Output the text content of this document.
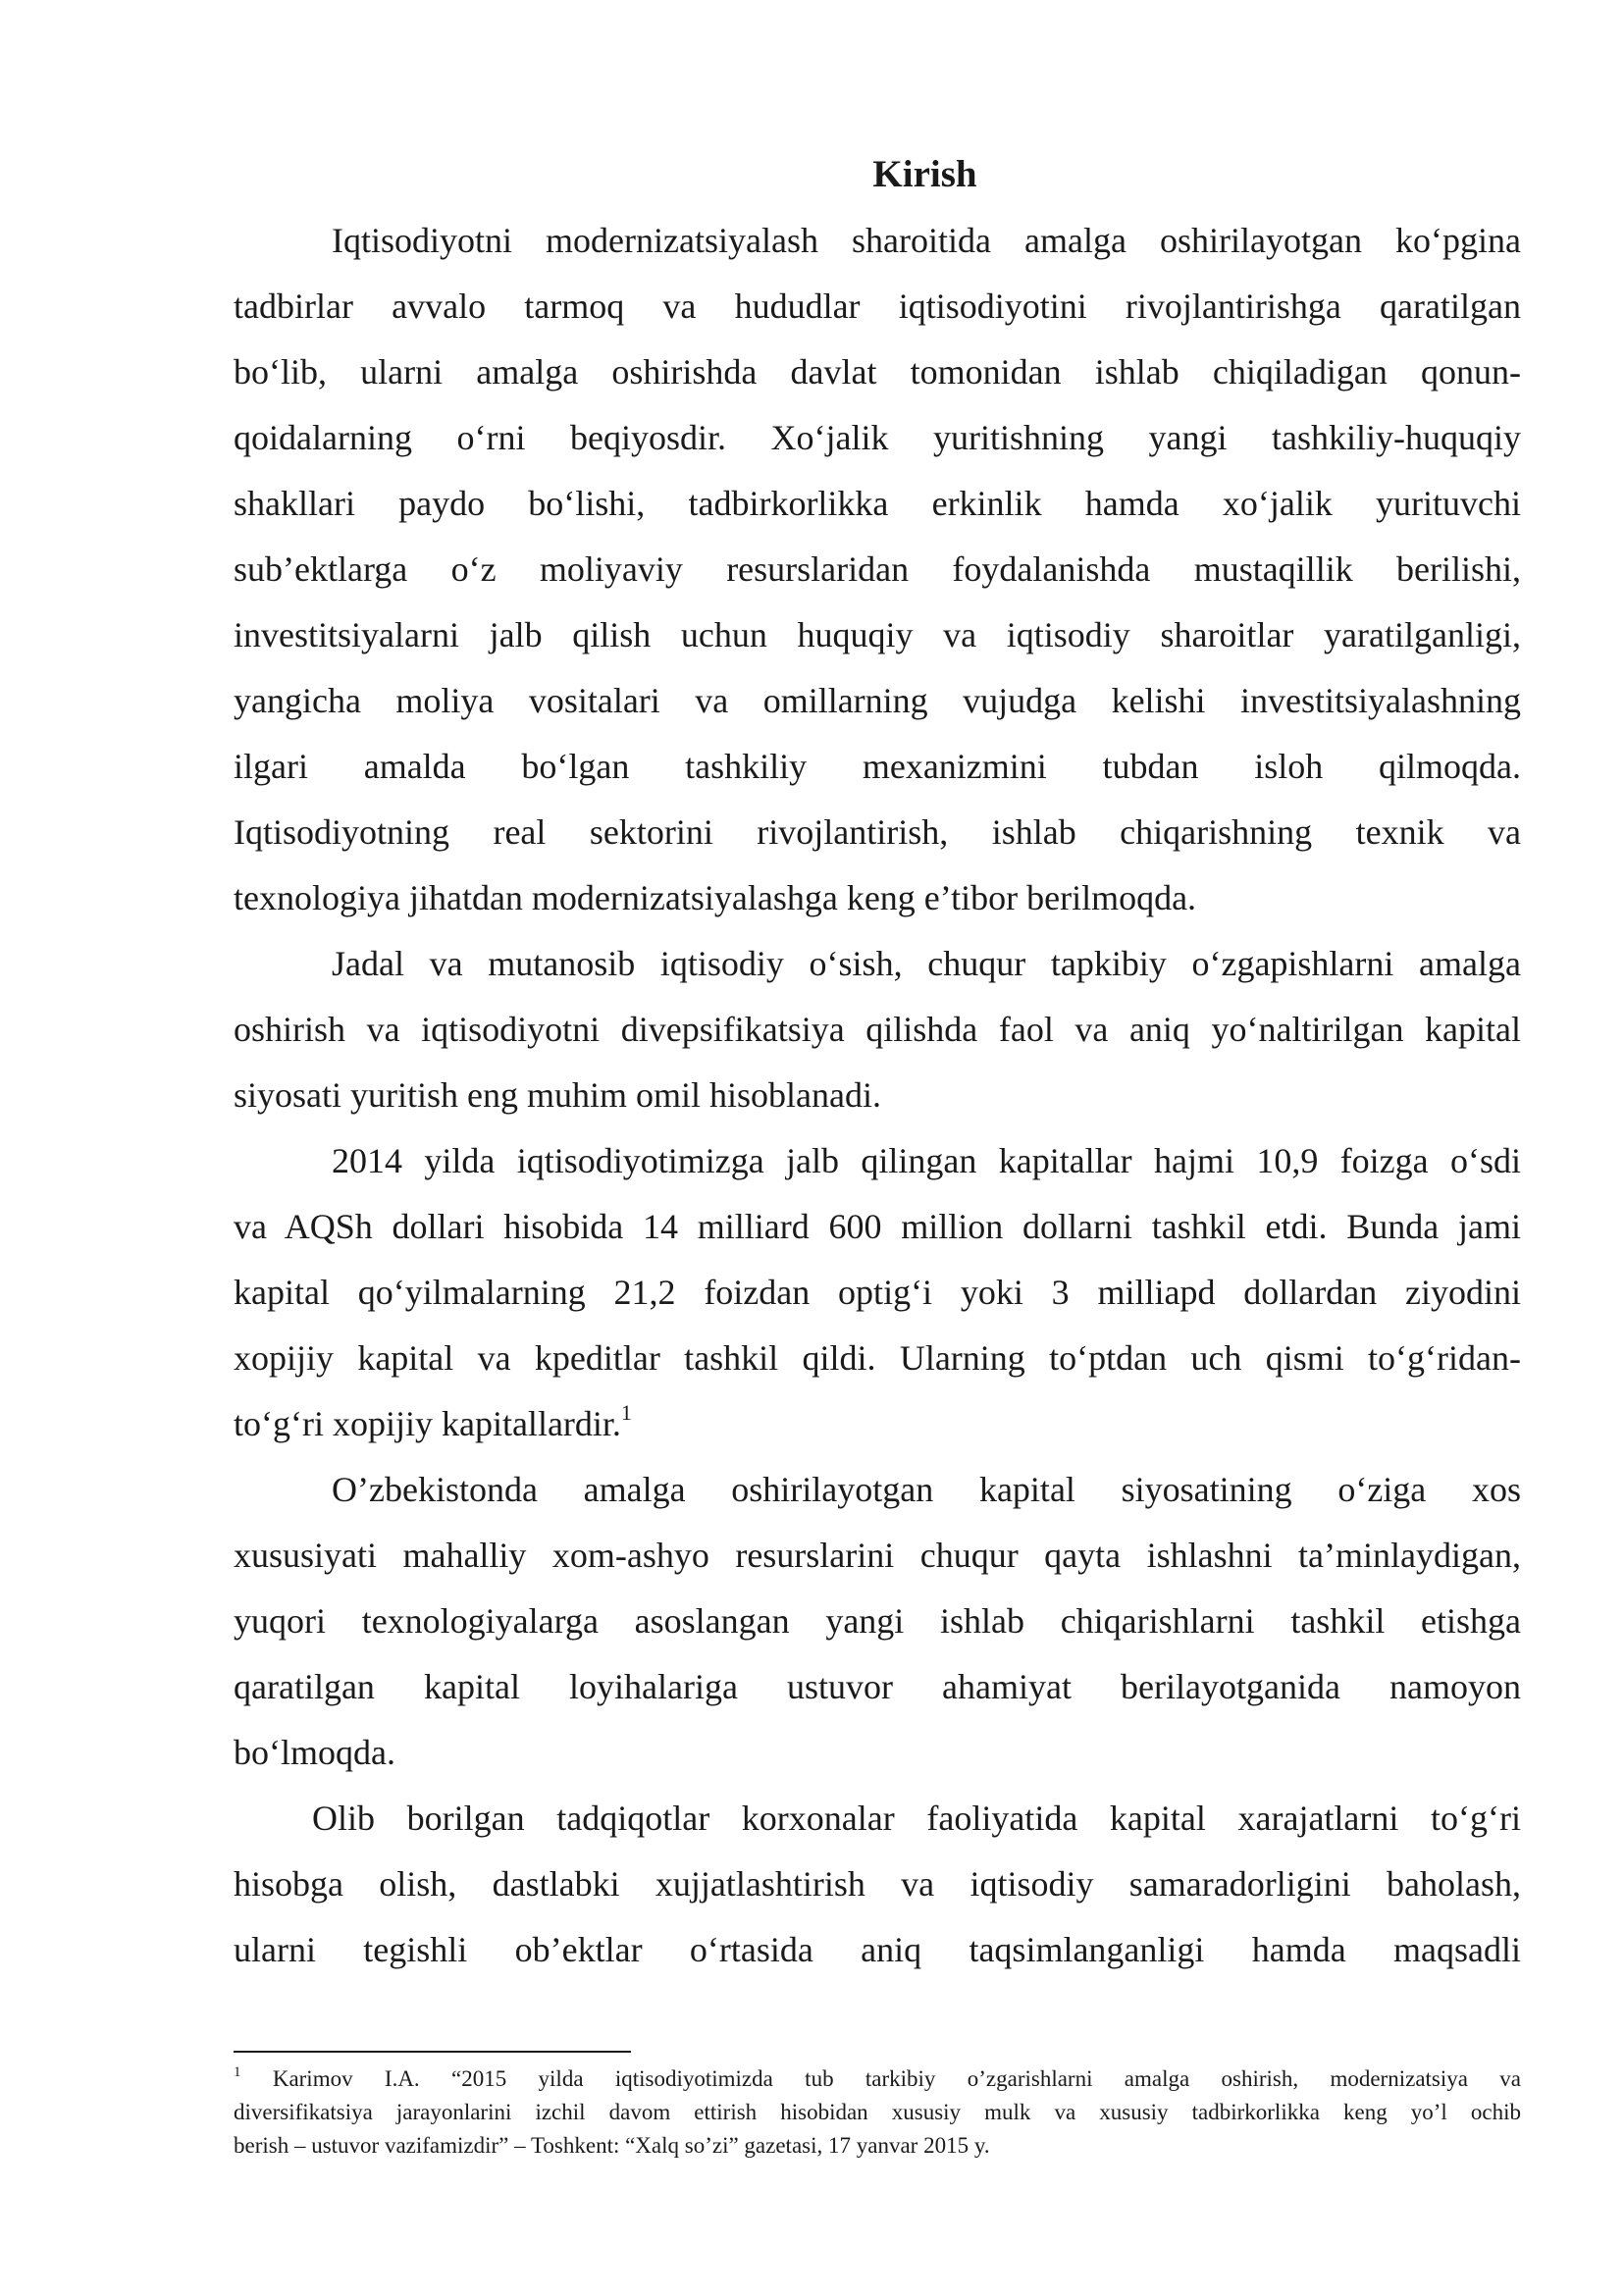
Kirish
Iqtisodiyotni modernizatsiyalash sharoitida amalga oshirilayotgan ko‘pgina
tadbirlar avvalo tarmoq va hududlar iqtisodiyotini rivojlantirishga qaratilgan
bo‘lib, ularni amalga oshirishda davlat tomonidan ishlab chiqiladigan qonun-
qoidalarning o‘rni beqiyosdir. Xo‘jalik yuritishning yangi tashkiliy-huquqiy
shakllari paydo bo‘lishi, tadbirkorlikka erkinlik hamda xo‘jalik yurituvchi
sub’ektlarga o‘z moliyaviy resurslaridan foydalanishda mustaqillik berilishi,
investitsiyalarni jalb qilish uchun huquqiy va iqtisodiy sharoitlar yaratilganligi,
yangicha moliya vositalari va omillarning vujudga kelishi investitsiyalashning
ilgari amalda bo‘lgan tashkiliy mexanizmini tubdan isloh qilmoqda.
Iqtisodiyotning real sektorini rivojlantirish, ishlab chiqarishning texnik va
texnologiya jihatdan modernizatsiyalashga keng e’tibor berilmoqda.
Jadal va mutanosib iqtisodiy o‘sish, chuqur tapkibiy o‘zgapishlarni amalga
oshirish va iqtisodiyotni divepsifikatsiya qilishda faol va aniq yo‘naltirilgan kapital
siyosati yuritish eng muhim omil hisoblanadi.
2014 yilda iqtisodiyotimizga jalb qilingan kapitallar hajmi 10,9 foizga o‘sdi
va AQSh dollari hisobida 14 milliard 600 million dollarni tashkil etdi. Bunda jami
kapital qo‘yilmalarning 21,2 foizdan optig‘i yoki 3 milliapd dollardan ziyodini
xopijiy kapital va kpeditlar tashkil qildi. Ularning to‘ptdan uch qismi to‘g‘ridan-
to‘g‘ri xopijiy kapitallardir.$^1$
O’zbekistonda amalga oshirilayotgan kapital siyosatining o‘ziga xos
xususiyati mahalliy xom-ashyo resurslarini chuqur qayta ishlashni ta’minlaydigan,
yuqori texnologiyalarga asoslangan yangi ishlab chiqarishlarni tashkil etishga
qaratilgan kapital loyihalariga ustuvor ahamiyat berilayotganida namoyon
bo‘lmoqda.
Olib borilgan tadqiqotlar korxonalar faoliyatida kapital xarajatlarni to‘g‘ri
hisobga olish, dastlabki xujjatlashtirish va iqtisodiy samaradorligini baholash,
ularni tegishli ob’ektlar o‘rtasida aniq taqsimlanganligi hamda maqsadli
$^1$ Karimov I.A. “2015 yilda iqtisodiyotimizda tub tarkibiy o’zgarishlarni amalga oshirish, modernizatsiya va
diversifikatsiya jarayonlarini izchil davom ettirish hisobidan xususiy mulk va xususiy tadbirkorlikka keng yo’l ochib
berish – ustuvor vazifamizdir” – Toshkent: “Xalq so’zi” gazetasi, 17 yanvar 2015 y.
